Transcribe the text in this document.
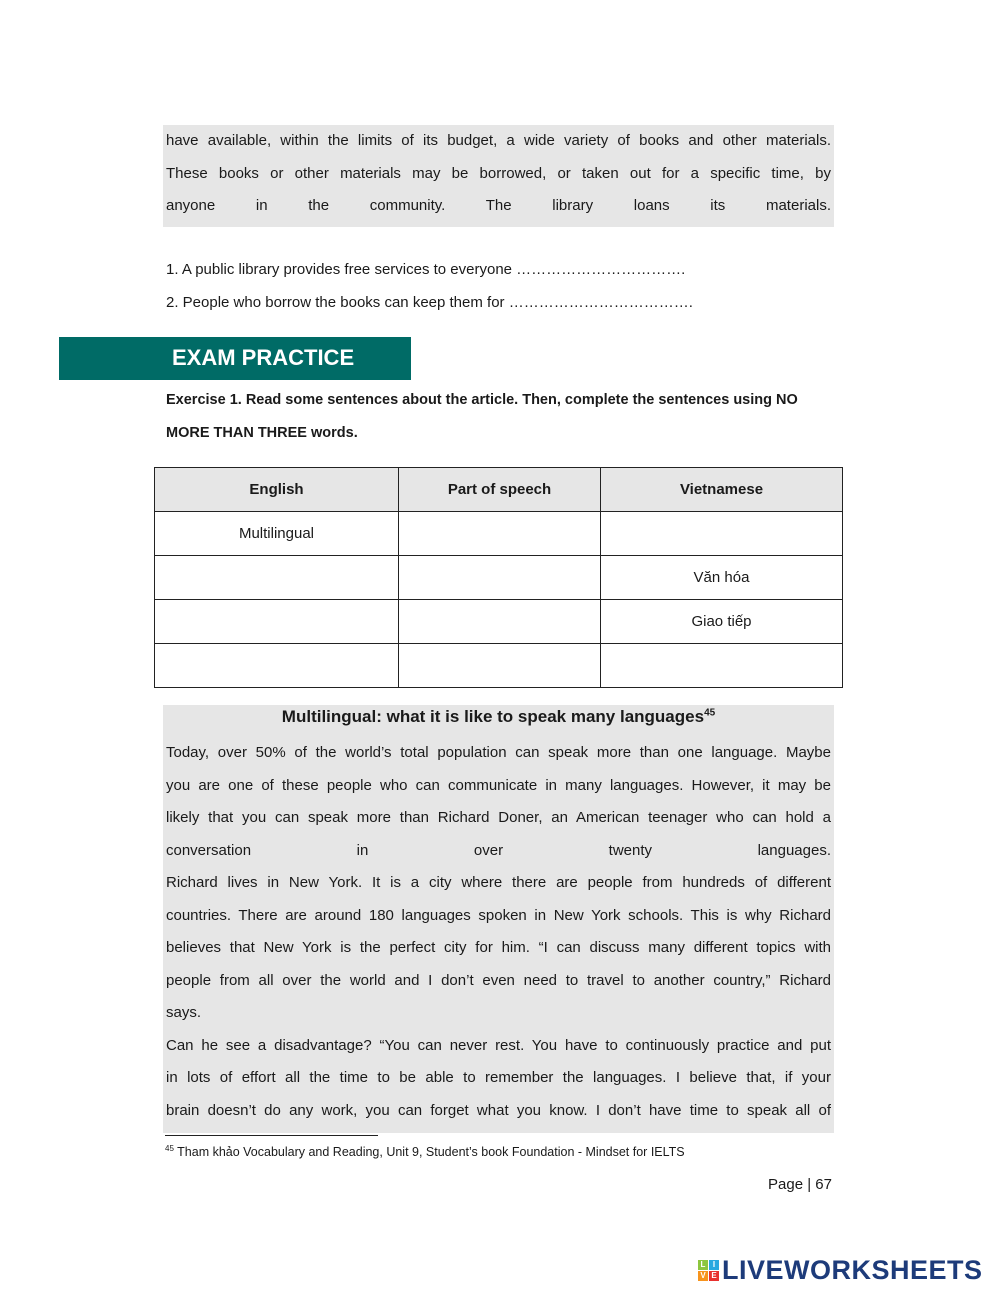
have available, within the limits of its budget, a wide variety of books and other materials.
These books or other materials may be borrowed, or taken out for a specific time, by
anyone in the community. The library loans its materials.
1. A public library provides free services to everyone …………………………….
2. People who borrow the books can keep them for ……………………………….
EXAM PRACTICE
Exercise 1. Read some sentences about the article. Then, complete the sentences using NO
MORE THAN THREE words.
English	Part of speech	Vietnamese
Multilingual		
		Văn hóa
		Giao tiếp

Multilingual: what it is like to speak many languages$^{45}$
Today, over 50% of the world’s total population can speak more than one language. Maybe
you are one of these people who can communicate in many languages. However, it may be
likely that you can speak more than Richard Doner, an American teenager who can hold a
conversation in over twenty languages.
Richard lives in New York. It is a city where there are people from hundreds of different
countries. There are around 180 languages spoken in New York schools. This is why Richard
believes that New York is the perfect city for him. “I can discuss many different topics with
people from all over the world and I don’t even need to travel to another country,” Richard
says.
Can he see a disadvantage? “You can never rest. You have to continuously practice and put
in lots of effort all the time to be able to remember the languages. I believe that, if your
brain doesn’t do any work, you can forget what you know. I don’t have time to speak all of
$^{45}$ Tham khảo Vocabulary and Reading, Unit 9, Student’s book Foundation - Mindset for IELTS
Page | 67
L I
V E LIVEWORKSHEETS
